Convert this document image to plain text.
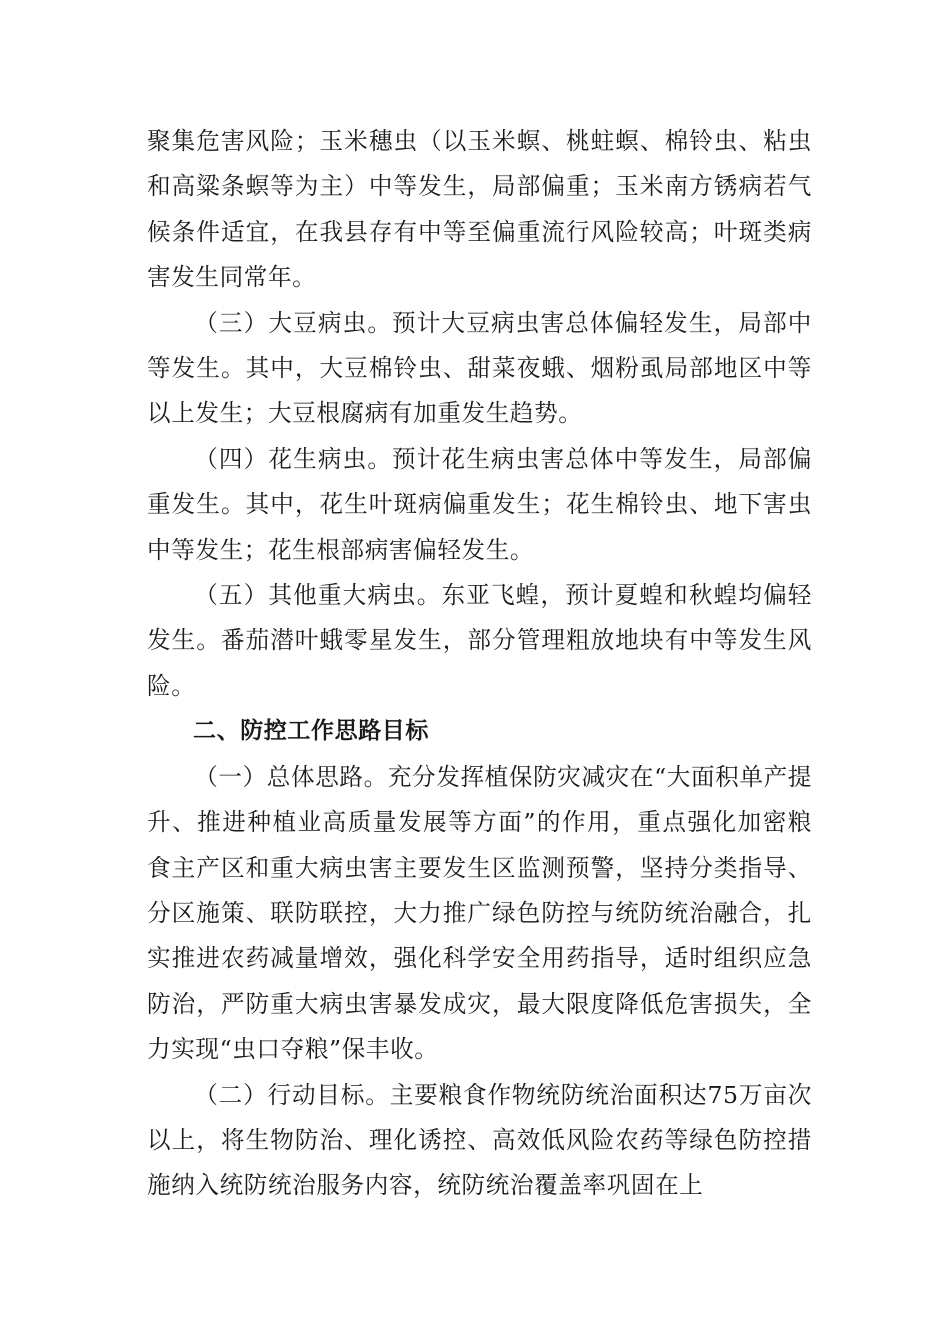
聚集危害风险；玉米穗虫（以玉米螟、桃蛀螟、棉铃虫、粘虫和高粱条螟等为主）中等发生，局部偏重；玉米南方锈病若气候条件适宜，在我县存有中等至偏重流行风险较高；叶斑类病害发生同常年。

（三）大豆病虫。预计大豆病虫害总体偏轻发生，局部中等发生。其中，大豆棉铃虫、甜菜夜蛾、烟粉虱局部地区中等以上发生；大豆根腐病有加重发生趋势。

（四）花生病虫。预计花生病虫害总体中等发生，局部偏重发生。其中，花生叶斑病偏重发生；花生棉铃虫、地下害虫中等发生；花生根部病害偏轻发生。

（五）其他重大病虫。东亚飞蝗，预计夏蝗和秋蝗均偏轻发生。番茄潜叶蛾零星发生，部分管理粗放地块有中等发生风险。

二、防控工作思路目标

（一）总体思路。充分发挥植保防灾减灾在“大面积单产提升、推进种植业高质量发展等方面”的作用，重点强化加密粮食主产区和重大病虫害主要发生区监测预警，坚持分类指导、分区施策、联防联控，大力推广绿色防控与统防统治融合，扎实推进农药减量增效，强化科学安全用药指导，适时组织应急防治，严防重大病虫害暴发成灾，最大限度降低危害损失，全力实现“虫口夺粮”保丰收。

（二）行动目标。主要粮食作物统防统治面积达75万亩次以上，将生物防治、理化诱控、高效低风险农药等绿色防控措施纳入统防统治服务内容，统防统治覆盖率巩固在上
